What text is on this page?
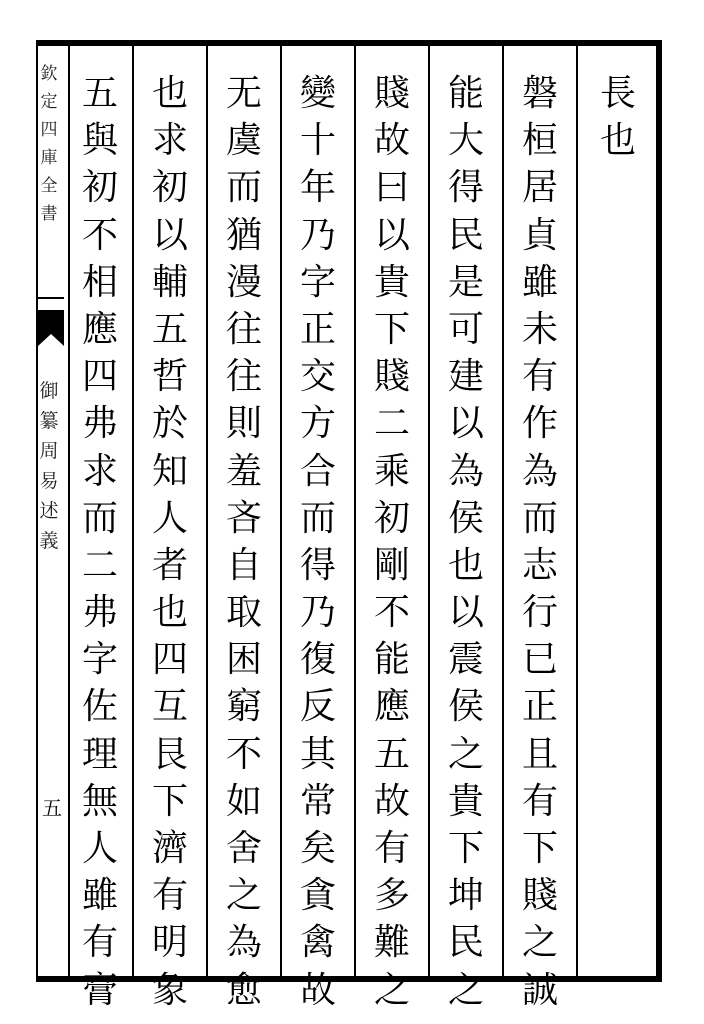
欽
定
四
庫
全
書
御
纂
周
易
述
義
五
長
也
磐
桓
居
貞
雖
未
有
作
為
而
志
行
已
正
且
有
下
賤
之
誠
能
大
得
民
是
可
建
以
為
侯
也
以
震
侯
之
貴
下
坤
民
之
賤
故
曰
以
貴
下
賤
二
乘
初
剛
不
能
應
五
故
有
多
難
之
變
十
年
乃
字
正
交
方
合
而
得
乃
復
反
其
常
矣
貪
禽
故
无
虞
而
猶
漫
往
往
則
羞
吝
自
取
困
窮
不
如
舍
之
為
愈
也
求
初
以
輔
五
哲
於
知
人
者
也
四
互
艮
下
濟
有
明
象
五
與
初
不
相
應
四
弗
求
而
二
弗
字
佐
理
無
人
雖
有
膏
